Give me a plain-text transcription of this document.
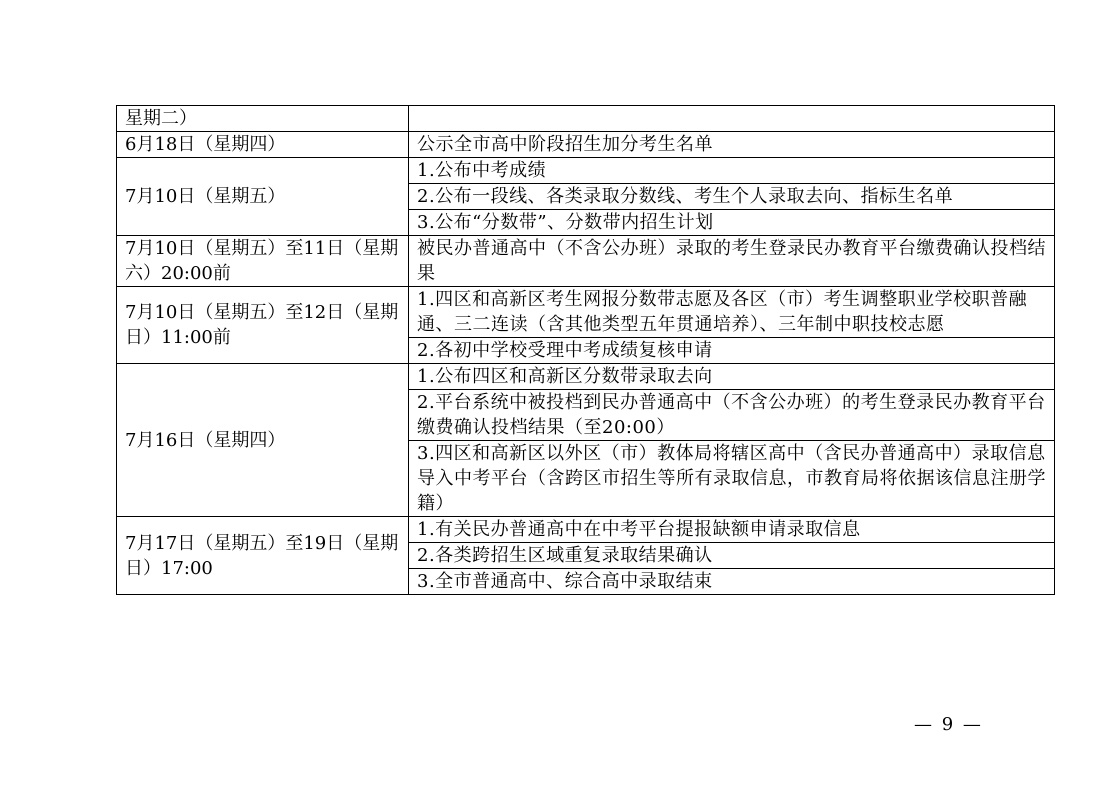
星期二）	
6月18日（星期四）	公示全市高中阶段招生加分考生名单
7月10日（星期五）	1.公布中考成绩
	2.公布一段线、各类录取分数线、考生个人录取去向、指标生名单
	3.公布“分数带”、分数带内招生计划
7月10日（星期五）至11日（星期六）20:00前	被民办普通高中（不含公办班）录取的考生登录民办教育平台缴费确认投档结果
7月10日（星期五）至12日（星期日）11:00前	1.四区和高新区考生网报分数带志愿及各区（市）考生调整职业学校职普融通、三二连读（含其他类型五年贯通培养）、三年制中职技校志愿
	2.各初中学校受理中考成绩复核申请
7月16日（星期四）	1.公布四区和高新区分数带录取去向
	2.平台系统中被投档到民办普通高中（不含公办班）的考生登录民办教育平台缴费确认投档结果（至20:00）
	3.四区和高新区以外区（市）教体局将辖区高中（含民办普通高中）录取信息导入中考平台（含跨区市招生等所有录取信息，市教育局将依据该信息注册学籍）
7月17日（星期五）至19日（星期日）17:00	1.有关民办普通高中在中考平台提报缺额申请录取信息
	2.各类跨招生区域重复录取结果确认
	3.全市普通高中、综合高中录取结束
— 9 —
